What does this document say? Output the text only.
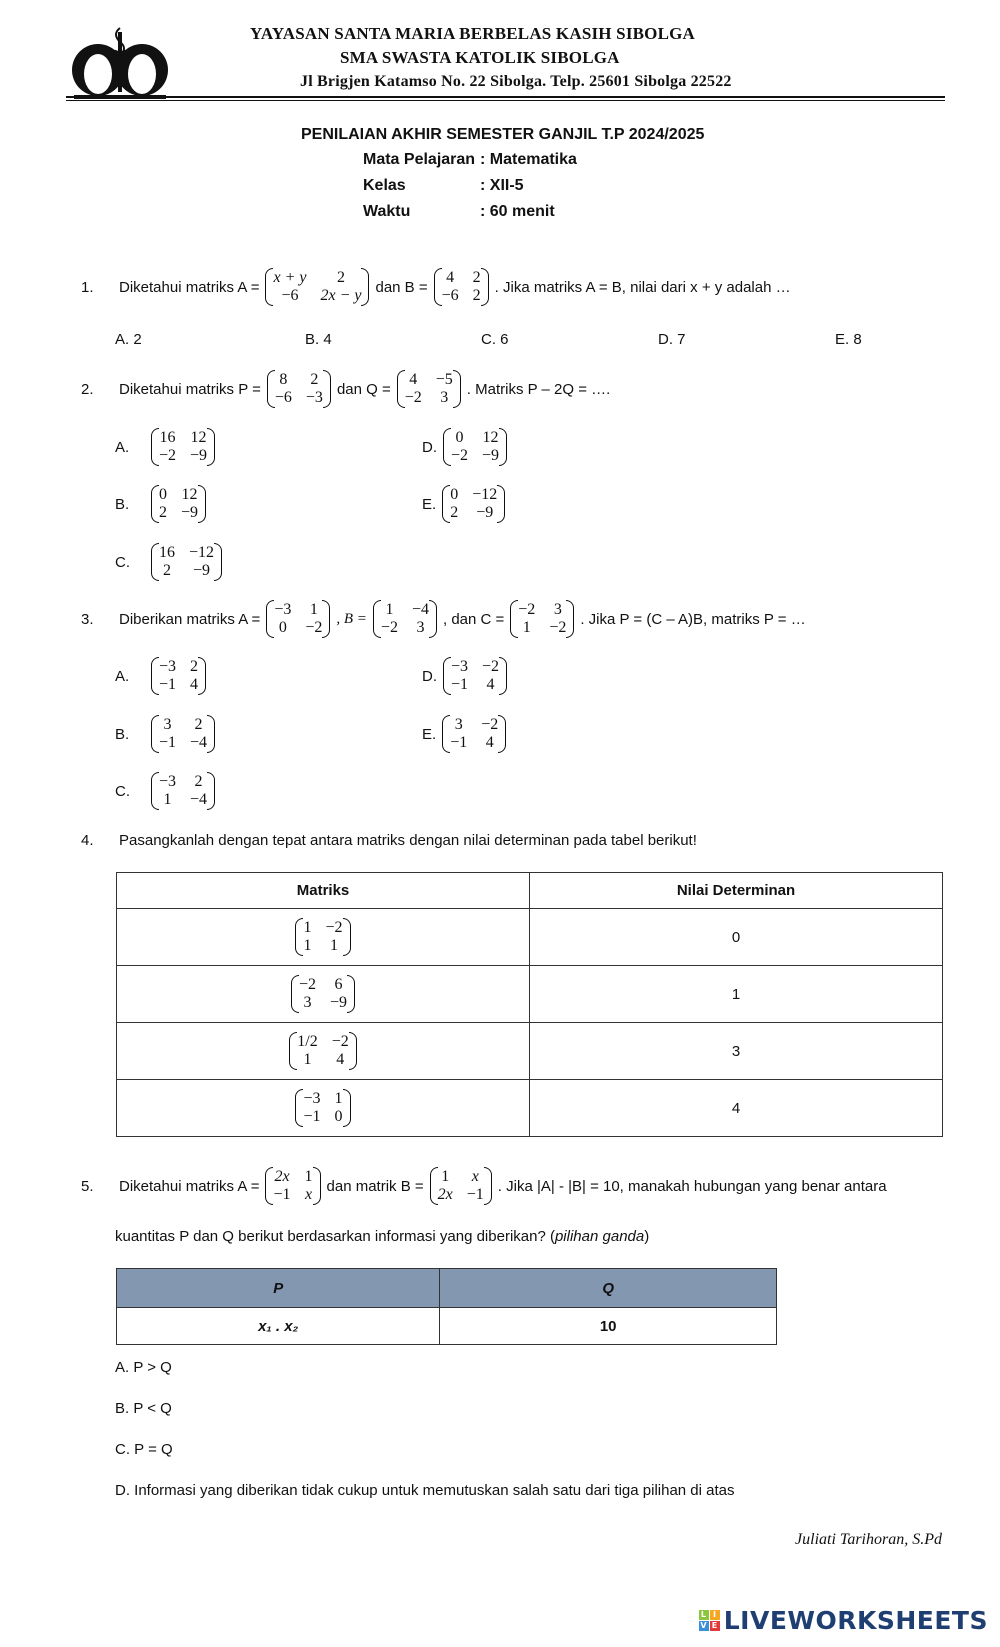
YAYASAN SANTA MARIA BERBELAS KASIH SIBOLGA
SMA SWASTA KATOLIK SIBOLGA
Jl Brigjen Katamso No. 22 Sibolga. Telp. 25601 Sibolga 22522
PENILAIAN AKHIR SEMESTER GANJIL T.P 2024/2025
Mata Pelajaran : Matematika
Kelas	: XII-5
Waktu	: 60 menit
1.	Diketahui matriks A =
x + y	2
−6	2x − y dan B =
4 2
−6 2 . Jika matriks A = B, nilai dari x + y adalah …
A. 2	B. 4	C. 6	D. 7	E. 8
2.	Diketahui matriks P =
8 2
−6 −3 dan Q =
4 −5
−2 3	. Matriks P – 2Q = ….
A.
16 12
−2 −9
B.
0 12
2 −9
C.
16 −12
2 −9
D.
0 12
−2 −9
E.
0 −12
2 −9
3.	Diberikan matriks A =
−3 1
0 −2
, B =
1 −4
−2 3	, dan C =
−2 3
1 −2 . Jika P = (C – A)B, matriks P = …
A.
−3 2
−1 4
B.
3 2
−1 −4
C.
−3 2
1 −4
D.
−3 −2
−1 4
E.
3 −2
−1 4
4.	Pasangkanlah dengan tepat antara matriks dengan nilai determinan pada tabel berikut!
Matriks	Nilai Determinan

1 −2
1 1	0

−2 6
3 −9	1

1/2 −2
1 4	3

−3 1
−1 0	4
5.	Diketahui matriks A =
2x 1
−1 x dan matrik B =
1	x
2x −1 . Jika |A| - |B| = 10, manakah hubungan yang benar antara
kuantitas P dan Q berikut berdasarkan informasi yang diberikan? (pilihan ganda)
P	Q
x₁ . x₂	10
A. P > Q
B. P < Q
C. P = Q
D. Informasi yang diberikan tidak cukup untuk memutuskan salah satu dari tiga pilihan di atas
Juliati Tarihoran, S.Pd
L I
V E LIVEWORKSHEETS
